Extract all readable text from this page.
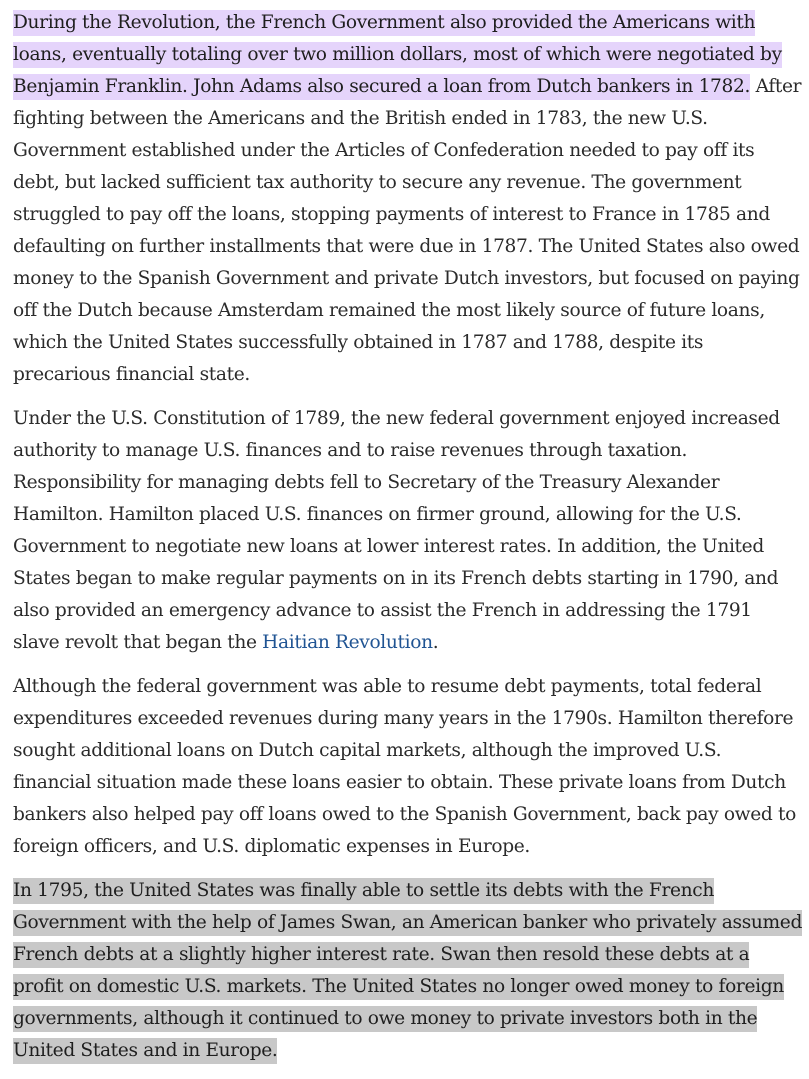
During the Revolution, the French Government also provided the Americans with loans, eventually totaling over two million dollars, most of which were negotiated by Benjamin Franklin. John Adams also secured a loan from Dutch bankers in 1782. After fighting between the Americans and the British ended in 1783, the new U.S. Government established under the Articles of Confederation needed to pay off its debt, but lacked sufficient tax authority to secure any revenue. The government struggled to pay off the loans, stopping payments of interest to France in 1785 and defaulting on further installments that were due in 1787. The United States also owed money to the Spanish Government and private Dutch investors, but focused on paying off the Dutch because Amsterdam remained the most likely source of future loans, which the United States successfully obtained in 1787 and 1788, despite its precarious financial state.

Under the U.S. Constitution of 1789, the new federal government enjoyed increased authority to manage U.S. finances and to raise revenues through taxation. Responsibility for managing debts fell to Secretary of the Treasury Alexander Hamilton. Hamilton placed U.S. finances on firmer ground, allowing for the U.S. Government to negotiate new loans at lower interest rates. In addition, the United States began to make regular payments on in its French debts starting in 1790, and also provided an emergency advance to assist the French in addressing the 1791 slave revolt that began the Haitian Revolution.

Although the federal government was able to resume debt payments, total federal expenditures exceeded revenues during many years in the 1790s. Hamilton therefore sought additional loans on Dutch capital markets, although the improved U.S. financial situation made these loans easier to obtain. These private loans from Dutch bankers also helped pay off loans owed to the Spanish Government, back pay owed to foreign officers, and U.S. diplomatic expenses in Europe.

In 1795, the United States was finally able to settle its debts with the French Government with the help of James Swan, an American banker who privately assumed French debts at a slightly higher interest rate. Swan then resold these debts at a profit on domestic U.S. markets. The United States no longer owed money to foreign governments, although it continued to owe money to private investors both in the United States and in Europe.
